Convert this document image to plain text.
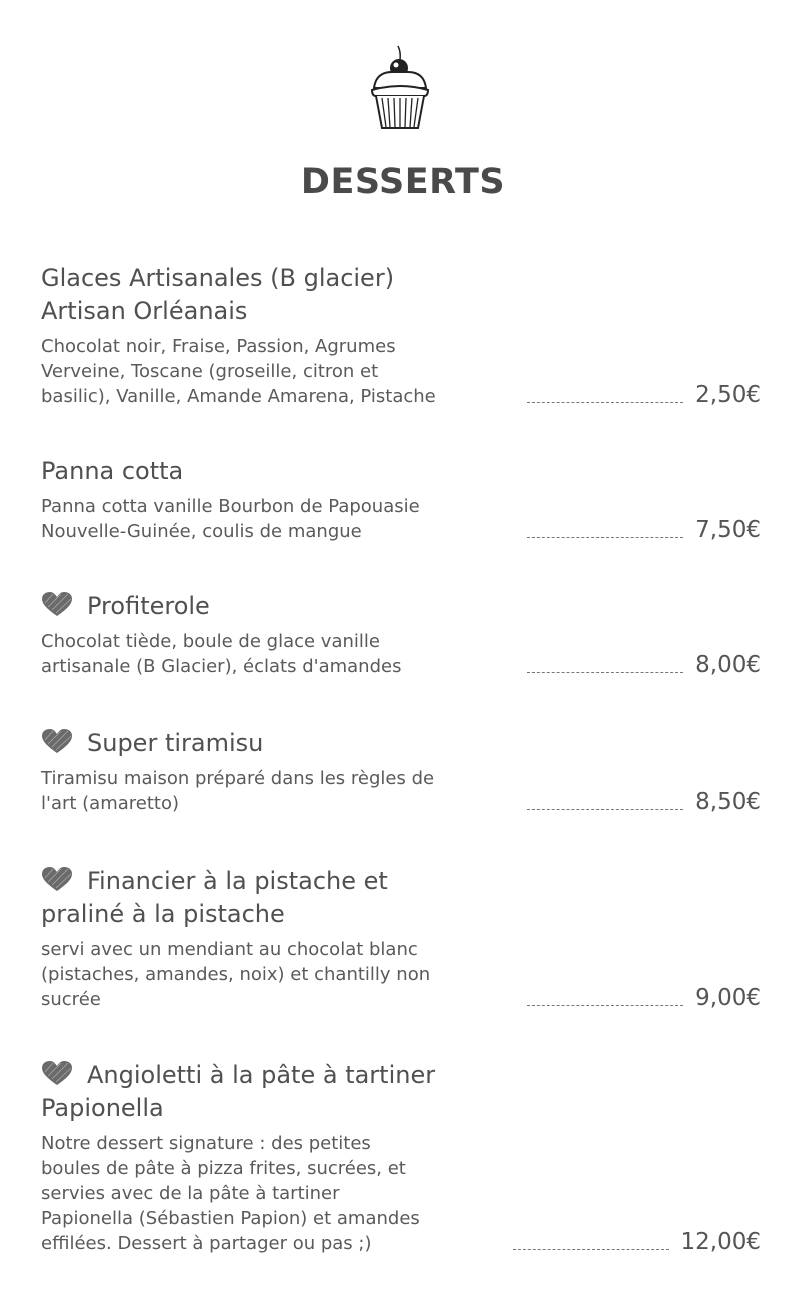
DESSERTS
Glaces Artisanales (B glacier)
Artisan Orléanais
Chocolat noir, Fraise, Passion, Agrumes
Verveine, Toscane (groseille, citron et
basilic), Vanille, Amande Amarena, Pistache	2,50€
Panna cotta
Panna cotta vanille Bourbon de Papouasie
Nouvelle-Guinée, coulis de mangue	7,50€
Profiterole
Chocolat tiède, boule de glace vanille
artisanale (B Glacier), éclats d'amandes	8,00€
Super tiramisu
Tiramisu maison préparé dans les règles de
l'art (amaretto)	8,50€
Financier à la pistache et
praliné à la pistache
servi avec un mendiant au chocolat blanc
(pistaches, amandes, noix) et chantilly non
sucrée	9,00€
Angioletti à la pâte à tartiner
Papionella
Notre dessert signature : des petites
boules de pâte à pizza frites, sucrées, et
servies avec de la pâte à tartiner
Papionella (Sébastien Papion) et amandes
effilées. Dessert à partager ou pas ;)	12,00€
